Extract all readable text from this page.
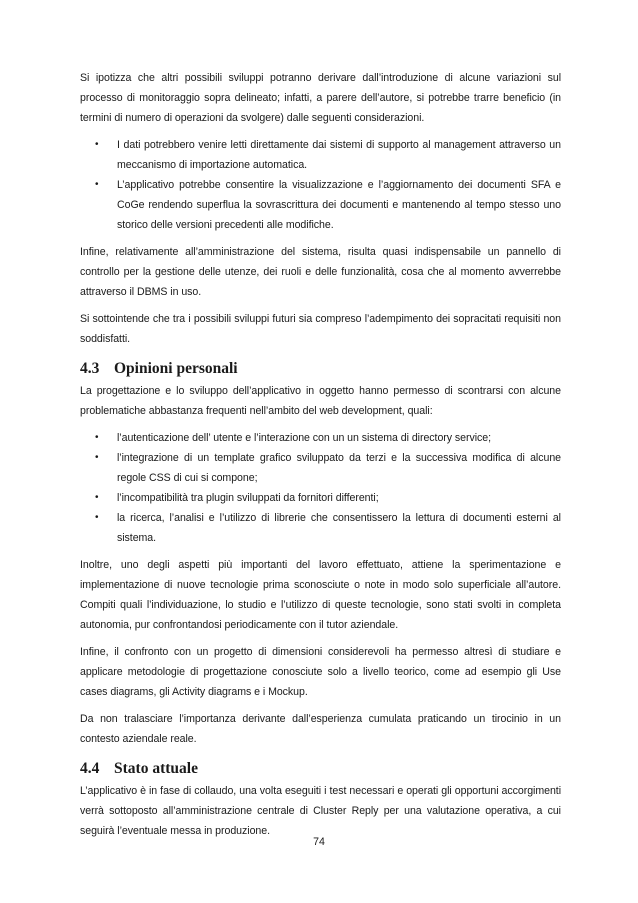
Si ipotizza che altri possibili sviluppi potranno derivare dall’introduzione di alcune variazioni sul processo di monitoraggio sopra delineato; infatti, a parere dell’autore, si potrebbe trarre beneficio (in termini di numero di operazioni da svolgere) dalle seguenti considerazioni.

• I dati potrebbero venire letti direttamente dai sistemi di supporto al management attraverso un meccanismo di importazione automatica.
• L’applicativo potrebbe consentire la visualizzazione e l’aggiornamento dei documenti SFA e CoGe rendendo superflua la sovrascrittura dei documenti e mantenendo al tempo stesso uno storico delle versioni precedenti alle modifiche.

Infine, relativamente all’amministrazione del sistema, risulta quasi indispensabile un pannello di controllo per la gestione delle utenze, dei ruoli e delle funzionalità, cosa che al momento avverrebbe attraverso il DBMS in uso.

Si sottointende che tra i possibili sviluppi futuri sia compreso l’adempimento dei sopracitati requisiti non soddisfatti.

4.3 Opinioni personali

La progettazione e lo sviluppo dell’applicativo in oggetto hanno permesso di scontrarsi con alcune problematiche abbastanza frequenti nell’ambito del web development, quali:

• l’autenticazione dell’ utente e l’interazione con un un sistema di directory service;
• l’integrazione di un template grafico sviluppato da terzi e la successiva modifica di alcune regole CSS di cui si compone;
• l’incompatibilità tra plugin sviluppati da fornitori differenti;
• la ricerca, l’analisi e l’utilizzo di librerie che consentissero la lettura di documenti esterni al sistema.

Inoltre, uno degli aspetti più importanti del lavoro effettuato, attiene la sperimentazione e implementazione di nuove tecnologie prima sconosciute o note in modo solo superficiale all’autore. Compiti quali l’individuazione, lo studio e l’utilizzo di queste tecnologie, sono stati svolti in completa autonomia, pur confrontandosi periodicamente con il tutor aziendale.

Infine, il confronto con un progetto di dimensioni considerevoli ha permesso altresì di studiare e applicare metodologie di progettazione conosciute solo a livello teorico, come ad esempio gli Use cases diagrams, gli Activity diagrams e i Mockup.

Da non tralasciare l’importanza derivante dall’esperienza cumulata praticando un tirocinio in un contesto aziendale reale.

4.4 Stato attuale

L’applicativo è in fase di collaudo, una volta eseguiti i test necessari e operati gli opportuni accorgimenti verrà sottoposto all’amministrazione centrale di Cluster Reply per una valutazione operativa, a cui seguirà l’eventuale messa in produzione.

74
